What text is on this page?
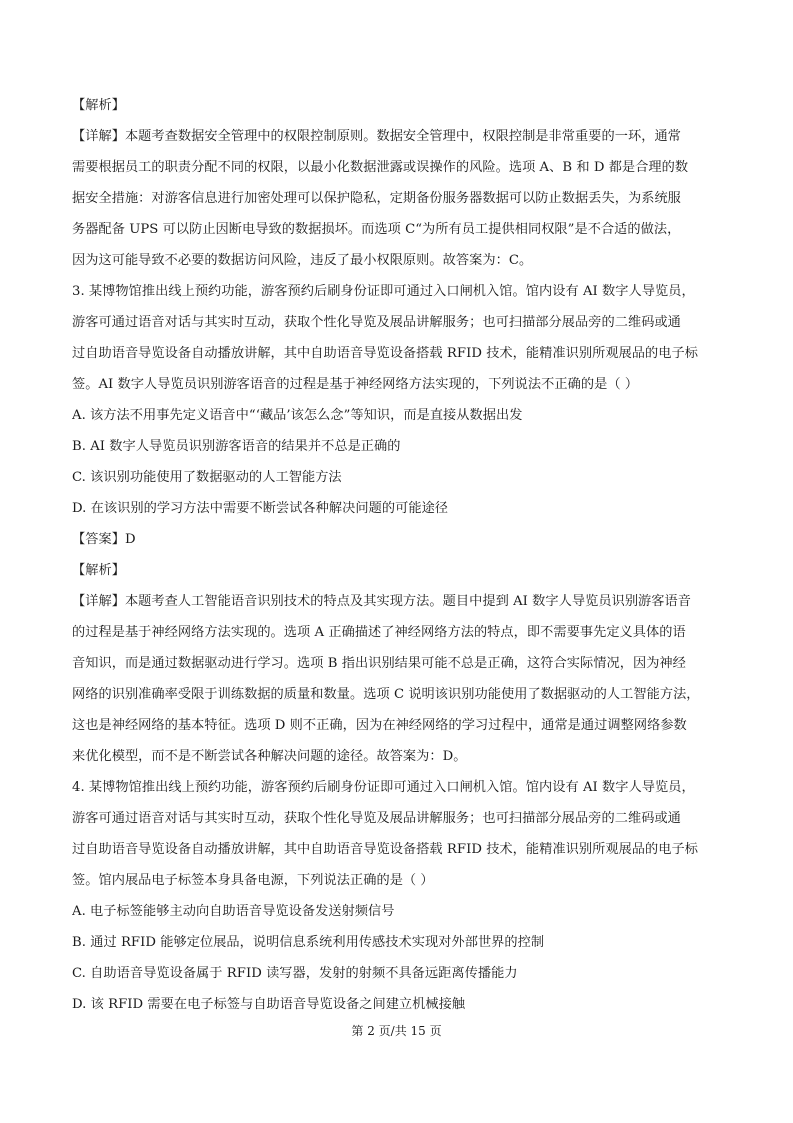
【解析】
【详解】本题考查数据安全管理中的权限控制原则。数据安全管理中，权限控制是非常重要的一环，通常
需要根据员工的职责分配不同的权限，以最小化数据泄露或误操作的风险。选项 A、B 和 D 都是合理的数
据安全措施：对游客信息进行加密处理可以保护隐私，定期备份服务器数据可以防止数据丢失，为系统服
务器配备 UPS 可以防止因断电导致的数据损坏。而选项 C“为所有员工提供相同权限”是不合适的做法，
因为这可能导致不必要的数据访问风险，违反了最小权限原则。故答案为：C。
3. 某博物馆推出线上预约功能，游客预约后刷身份证即可通过入口闸机入馆。馆内设有 AI 数字人导览员，
游客可通过语音对话与其实时互动，获取个性化导览及展品讲解服务；也可扫描部分展品旁的二维码或通
过自助语音导览设备自动播放讲解，其中自助语音导览设备搭载 RFID 技术，能精准识别所观展品的电子标
签。AI 数字人导览员识别游客语音的过程是基于神经网络方法实现的，下列说法不正确的是（ ）
A. 该方法不用事先定义语音中“‘藏品’该怎么念”等知识，而是直接从数据出发
B. AI 数字人导览员识别游客语音的结果并不总是正确的
C. 该识别功能使用了数据驱动的人工智能方法
D. 在该识别的学习方法中需要不断尝试各种解决问题的可能途径
【答案】D
【解析】
【详解】本题考查人工智能语音识别技术的特点及其实现方法。题目中提到 AI 数字人导览员识别游客语音
的过程是基于神经网络方法实现的。选项 A 正确描述了神经网络方法的特点，即不需要事先定义具体的语
音知识，而是通过数据驱动进行学习。选项 B 指出识别结果可能不总是正确，这符合实际情况，因为神经
网络的识别准确率受限于训练数据的质量和数量。选项 C 说明该识别功能使用了数据驱动的人工智能方法，
这也是神经网络的基本特征。选项 D 则不正确，因为在神经网络的学习过程中，通常是通过调整网络参数
来优化模型，而不是不断尝试各种解决问题的途径。故答案为：D。
4. 某博物馆推出线上预约功能，游客预约后刷身份证即可通过入口闸机入馆。馆内设有 AI 数字人导览员，
游客可通过语音对话与其实时互动，获取个性化导览及展品讲解服务；也可扫描部分展品旁的二维码或通
过自助语音导览设备自动播放讲解，其中自助语音导览设备搭载 RFID 技术，能精准识别所观展品的电子标
签。馆内展品电子标签本身具备电源，下列说法正确的是（ ）
A. 电子标签能够主动向自助语音导览设备发送射频信号
B. 通过 RFID 能够定位展品，说明信息系统利用传感技术实现对外部世界的控制
C. 自助语音导览设备属于 RFID 读写器，发射的射频不具备远距离传播能力
D. 该 RFID 需要在电子标签与自助语音导览设备之间建立机械接触
第 2 页/共 15 页
